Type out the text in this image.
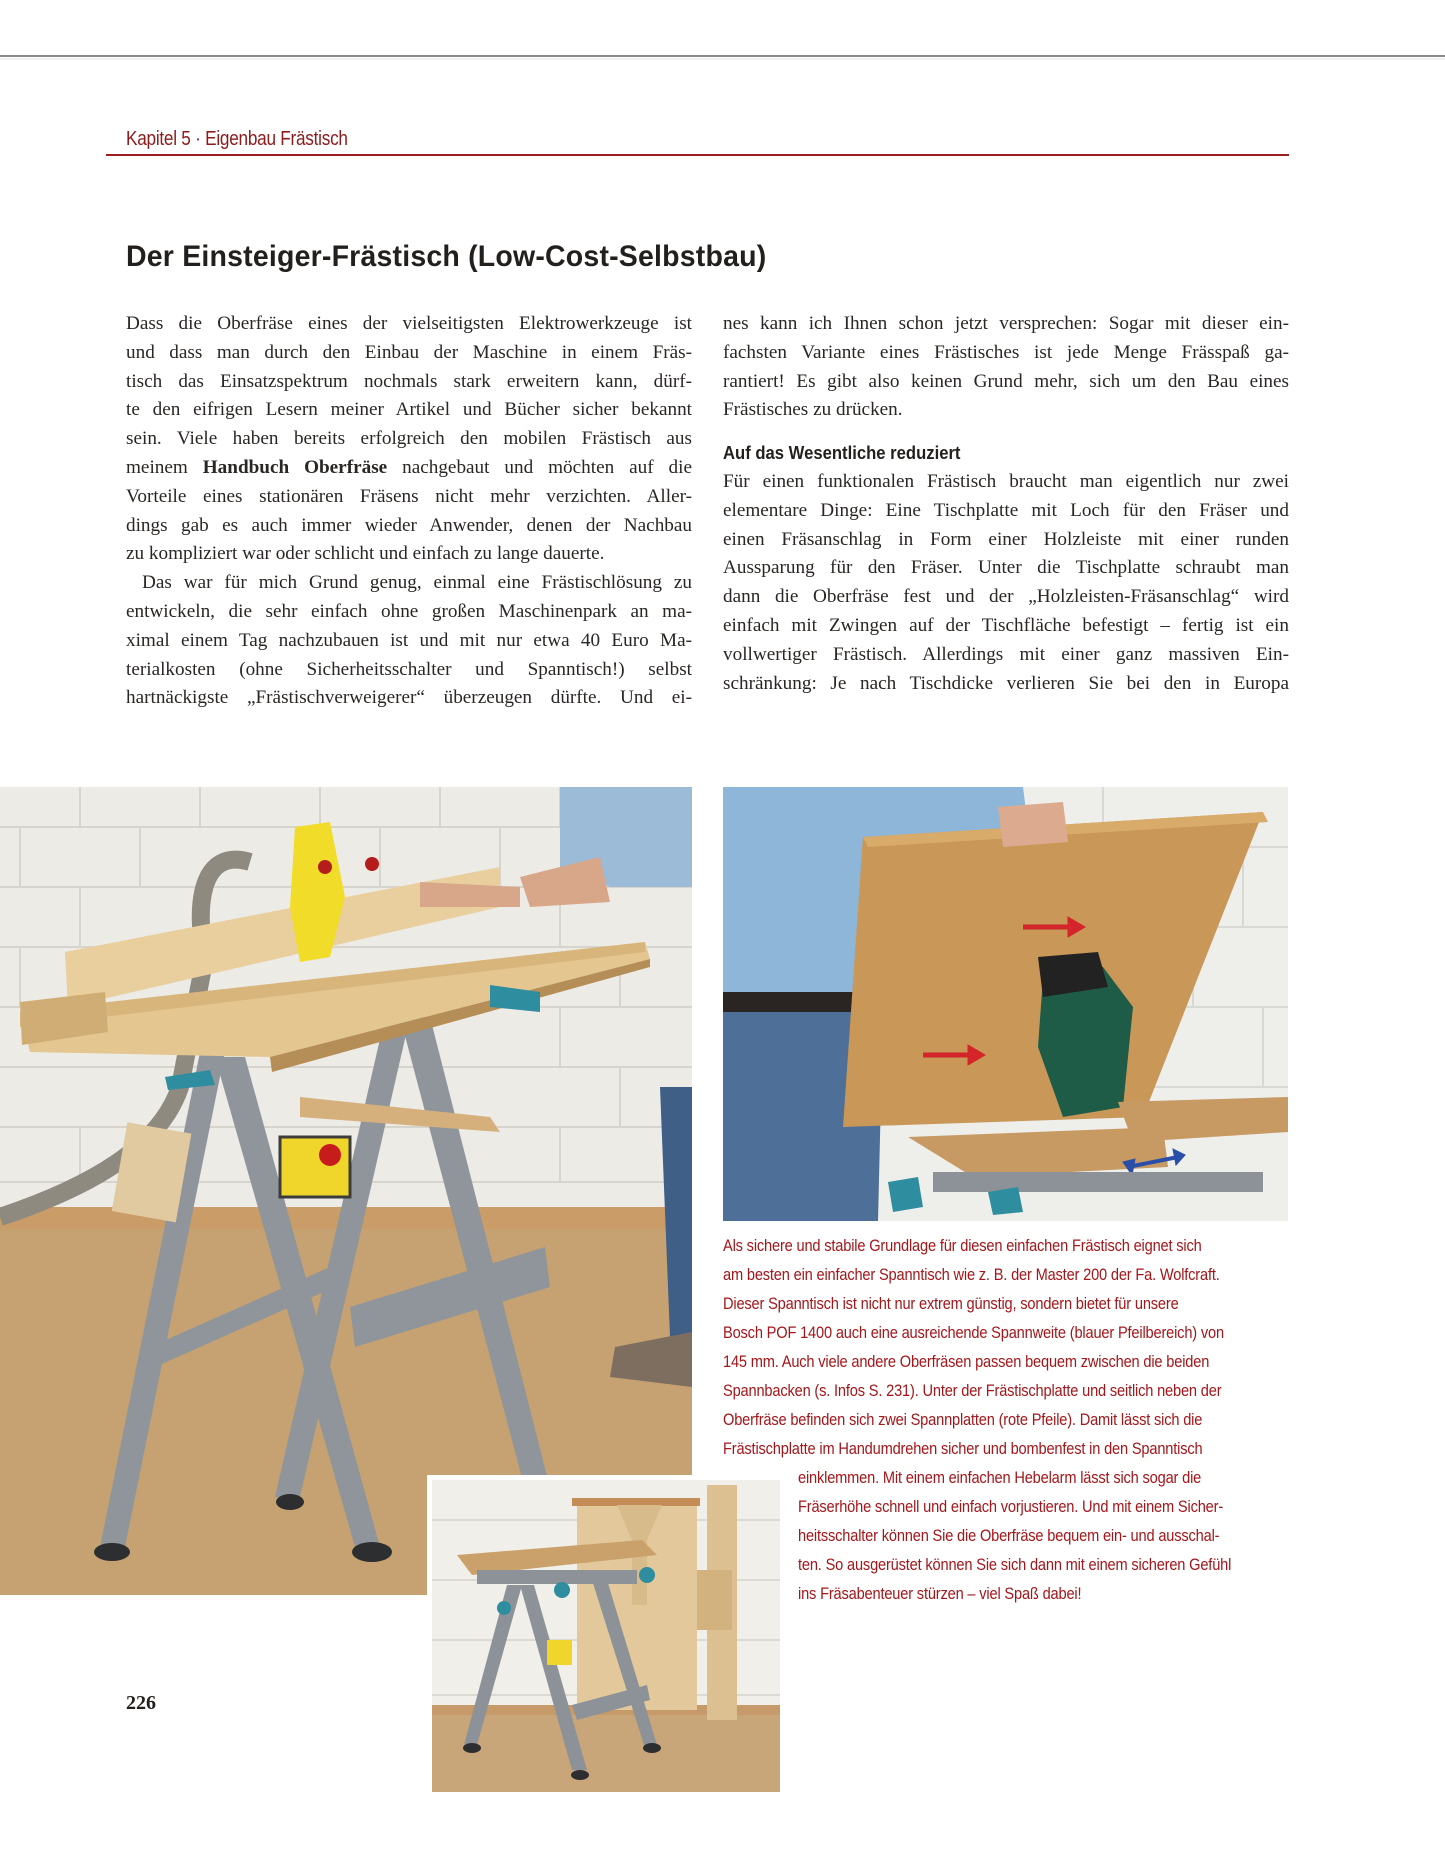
Kapitel 5 · Eigenbau Frästisch
Der Einsteiger-Frästisch (Low-Cost-Selbstbau)

Dass die Oberfräse eines der vielseitigsten Elektrowerkzeuge ist
und dass man durch den Einbau der Maschine in einem Fräs-
tisch das Einsatzspektrum nochmals stark erweitern kann, dürf-
te den eifrigen Lesern meiner Artikel und Bücher sicher bekannt
sein. Viele haben bereits erfolgreich den mobilen Frästisch aus
meinem Handbuch Oberfräse nachgebaut und möchten auf die
Vorteile eines stationären Fräsens nicht mehr verzichten. Aller-
dings gab es auch immer wieder Anwender, denen der Nachbau
zu kompliziert war oder schlicht und einfach zu lange dauerte.

Das war für mich Grund genug, einmal eine Frästischlösung zu
entwickeln, die sehr einfach ohne großen Maschinenpark an ma-
ximal einem Tag nachzubauen ist und mit nur etwa 40 Euro Ma-
terialkosten (ohne Sicherheitsschalter und Spanntisch!) selbst
hartnäckigste „Frästischverweigerer“ überzeugen dürfte. Und ei-

nes kann ich Ihnen schon jetzt versprechen: Sogar mit dieser ein-
fachsten Variante eines Frästisches ist jede Menge Frässpaß ga-
rantiert! Es gibt also keinen Grund mehr, sich um den Bau eines
Frästisches zu drücken.

Auf das Wesentliche reduziert

Für einen funktionalen Frästisch braucht man eigentlich nur zwei
elementare Dinge: Eine Tischplatte mit Loch für den Fräser und
einen Fräsanschlag in Form einer Holzleiste mit einer runden
Aussparung für den Fräser. Unter die Tischplatte schraubt man
dann die Oberfräse fest und der „Holzleisten-Fräsanschlag“ wird
einfach mit Zwingen auf der Tischfläche befestigt – fertig ist ein
vollwertiger Frästisch. Allerdings mit einer ganz massiven Ein-
schränkung: Je nach Tischdicke verlieren Sie bei den in Europa

Als sichere und stabile Grundlage für diesen einfachen Frästisch eignet sich
am besten ein einfacher Spanntisch wie z. B. der Master 200 der Fa. Wolfcraft.
Dieser Spanntisch ist nicht nur extrem günstig, sondern bietet für unsere
Bosch POF 1400 auch eine ausreichende Spannweite (blauer Pfeilbereich) von
145 mm. Auch viele andere Oberfräsen passen bequem zwischen die beiden
Spannbacken (s. Infos S. 231). Unter der Frästischplatte und seitlich neben der
Oberfräse befinden sich zwei Spannplatten (rote Pfeile). Damit lässt sich die
Frästischplatte im Handumdrehen sicher und bombenfest in den Spanntisch
einklemmen. Mit einem einfachen Hebelarm lässt sich sogar die
Fräserhöhe schnell und einfach vorjustieren. Und mit einem Sicher-
heitsschalter können Sie die Oberfräse bequem ein- und ausschal-
ten. So ausgerüstet können Sie sich dann mit einem sicheren Gefühl
ins Fräsabenteuer stürzen – viel Spaß dabei!
226
